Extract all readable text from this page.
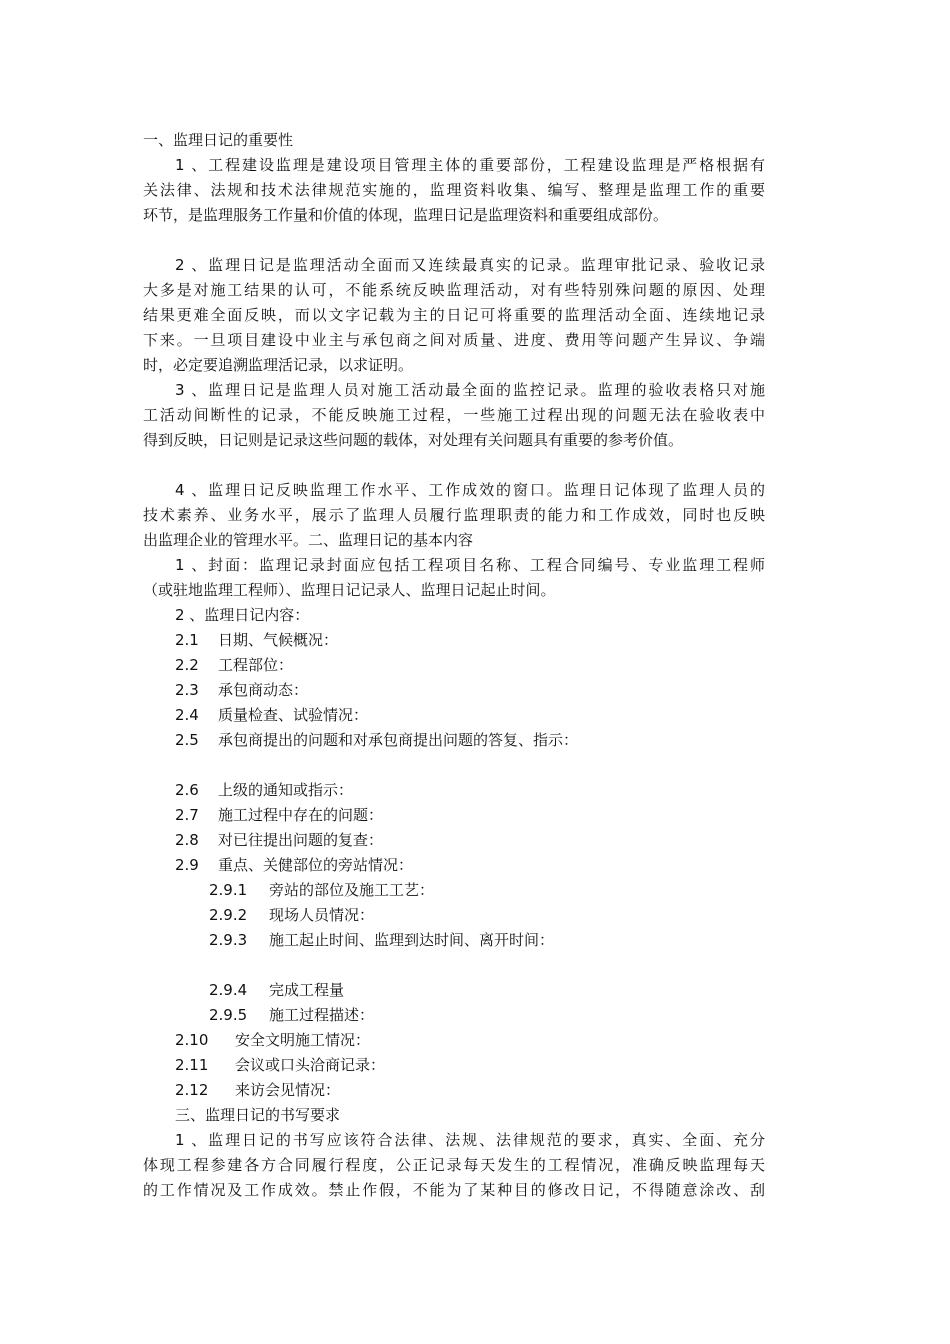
一、监理日记的重要性
1 、工程建设监理是建设项目管理主体的重要部份，工程建设监理是严格根据有
关法律、法规和技术法律规范实施的，监理资料收集、编写、整理是监理工作的重要
环节，是监理服务工作量和价值的体现，监理日记是监理资料和重要组成部份。
2 、监理日记是监理活动全面而又连续最真实的记录。监理审批记录、验收记录
大多是对施工结果的认可，不能系统反映监理活动，对有些特别殊问题的原因、处理
结果更难全面反映，而以文字记载为主的日记可将重要的监理活动全面、连续地记录
下来。一旦项目建设中业主与承包商之间对质量、进度、费用等问题产生异议、争端
时，必定要追溯监理活记录，以求证明。
3 、监理日记是监理人员对施工活动最全面的监控记录。监理的验收表格只对施
工活动间断性的记录，不能反映施工过程，一些施工过程出现的问题无法在验收表中
得到反映，日记则是记录这些问题的载体，对处理有关问题具有重要的参考价值。
4 、监理日记反映监理工作水平、工作成效的窗口。监理日记体现了监理人员的
技术素养、业务水平，展示了监理人员履行监理职责的能力和工作成效，同时也反映
出监理企业的管理水平。二、监理日记的基本内容
1 、封面：监理记录封面应包括工程项目名称、工程合同编号、专业监理工程师
（或驻地监理工程师）、监理日记记录人、监理日记起止时间。
2 、监理日记内容：
2.1 日期、气候概况：
2.2 工程部位：
2.3 承包商动态：
2.4 质量检查、试验情况：
2.5 承包商提出的问题和对承包商提出问题的答复、指示：
2.6 上级的通知或指示：
2.7 施工过程中存在的问题：
2.8 对已往提出问题的复查：
2.9 重点、关健部位的旁站情况：
2.9.1 旁站的部位及施工工艺：
2.9.2 现场人员情况：
2.9.3 施工起止时间、监理到达时间、离开时间：
2.9.4 完成工程量
2.9.5 施工过程描述：
2.10 安全文明施工情况：
2.11 会议或口头洽商记录：
2.12 来访会见情况：
三、监理日记的书写要求
1 、监理日记的书写应该符合法律、法规、法律规范的要求，真实、全面、充分
体现工程参建各方合同履行程度，公正记录每天发生的工程情况，准确反映监理每天
的工作情况及工作成效。禁止作假，不能为了某种目的修改日记，不得随意涂改、刮
